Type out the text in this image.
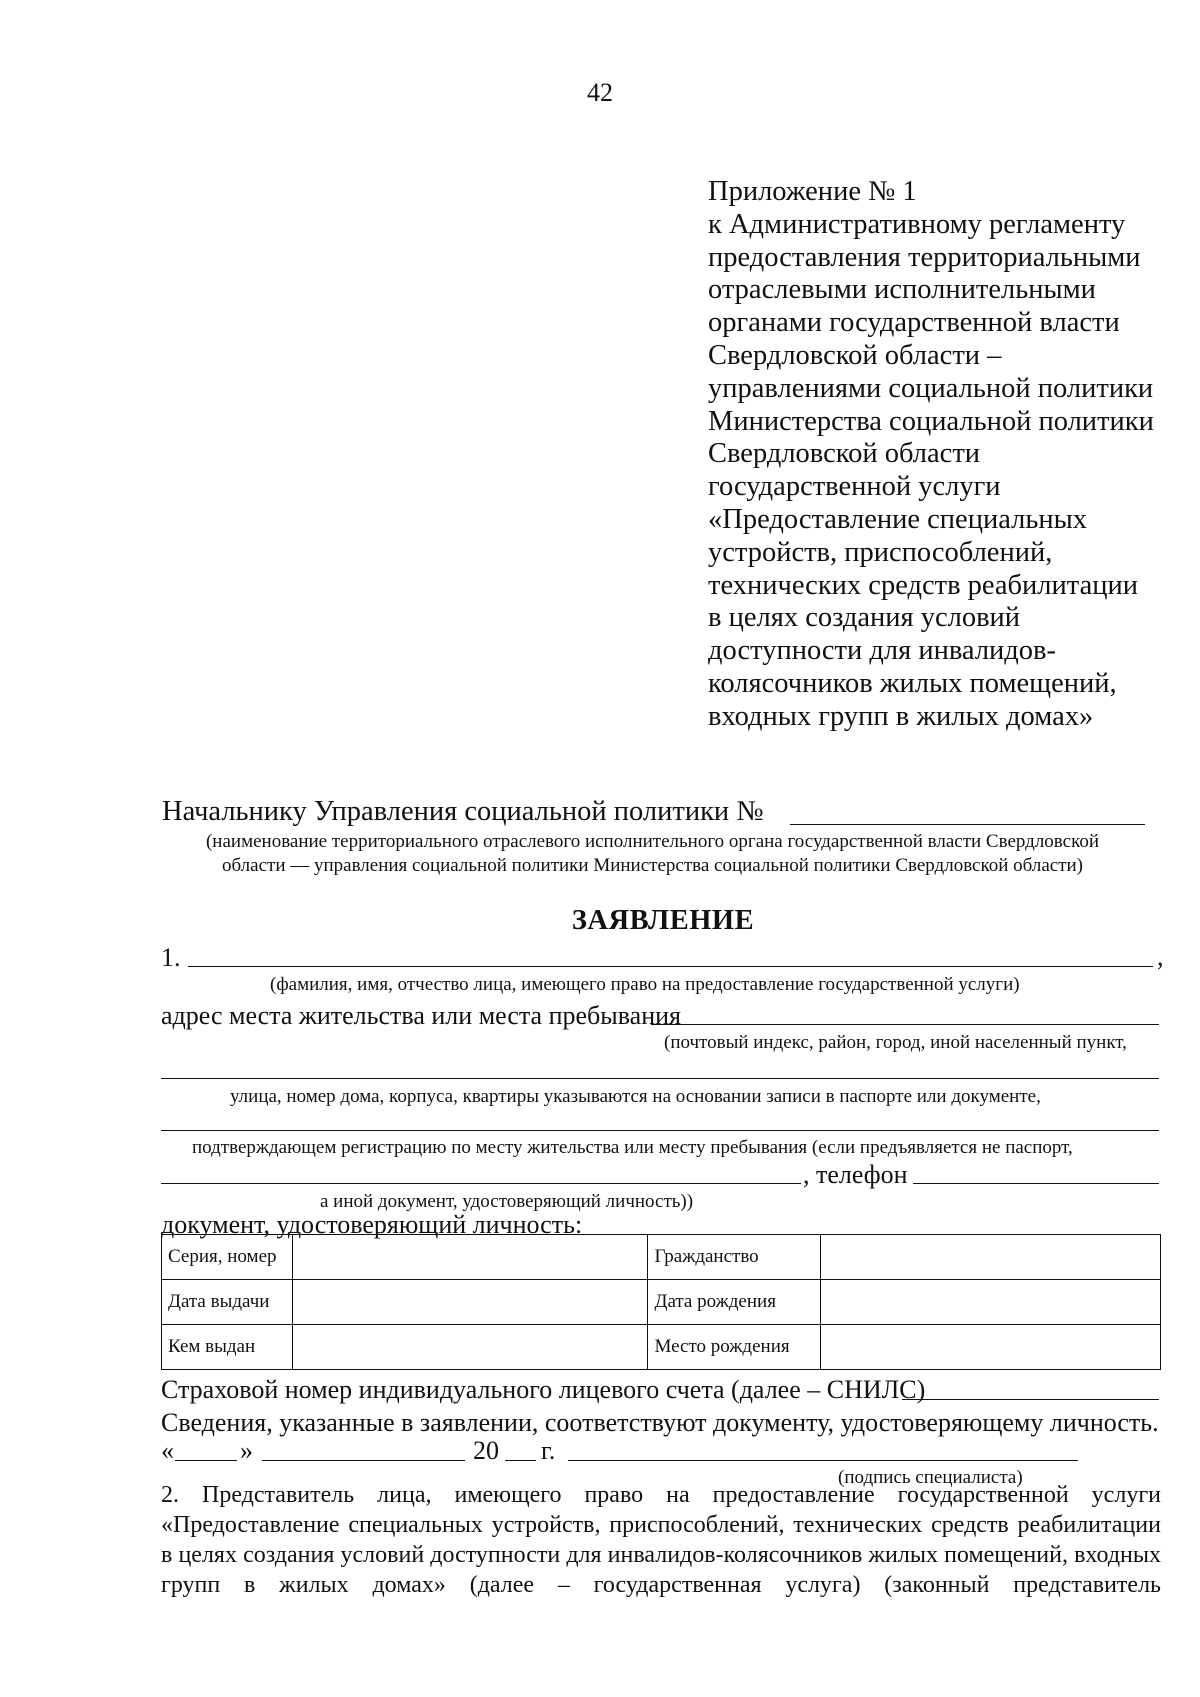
42
Приложение № 1
к Административному регламенту
предоставления территориальными
отраслевыми исполнительными
органами государственной власти
Свердловской области –
управлениями социальной политики
Министерства социальной политики
Свердловской области
государственной услуги
«Предоставление специальных
устройств, приспособлений,
технических средств реабилитации
в целях создания условий
доступности для инвалидов-
колясочников жилых помещений,
входных групп в жилых домах»
Начальнику Управления социальной политики №
(наименование территориального отраслевого исполнительного органа государственной власти Свердловской
области — управления социальной политики Министерства социальной политики Свердловской области)
ЗАЯВЛЕНИЕ
1.	,
(фамилия, имя, отчество лица, имеющего право на предоставление государственной услуги)
адрес места жительства или места пребывания
(почтовый индекс, район, город, иной населенный пункт,
улица, номер дома, корпуса, квартиры указываются на основании записи в паспорте или документе,
подтверждающем регистрацию по месту жительства или месту пребывания (если предъявляется не паспорт,
, телефон
а иной документ, удостоверяющий личность))
документ, удостоверяющий личность:
Серия, номер		Гражданство	
Дата выдачи		Дата рождения	
Кем выдан		Место рождения	
Страховой номер индивидуального лицевого счета (далее – СНИЛС)
Сведения, указанные в заявлении, соответствуют документу, удостоверяющему личность.
«	»	20 г.
(подпись специалиста)
2. Представитель лица, имеющего право на предоставление государственной услуги
«Предоставление специальных устройств, приспособлений, технических средств реабилитации
в целях создания условий доступности для инвалидов-колясочников жилых помещений, входных
групп в жилых домах» (далее – государственная услуга) (законный представитель
